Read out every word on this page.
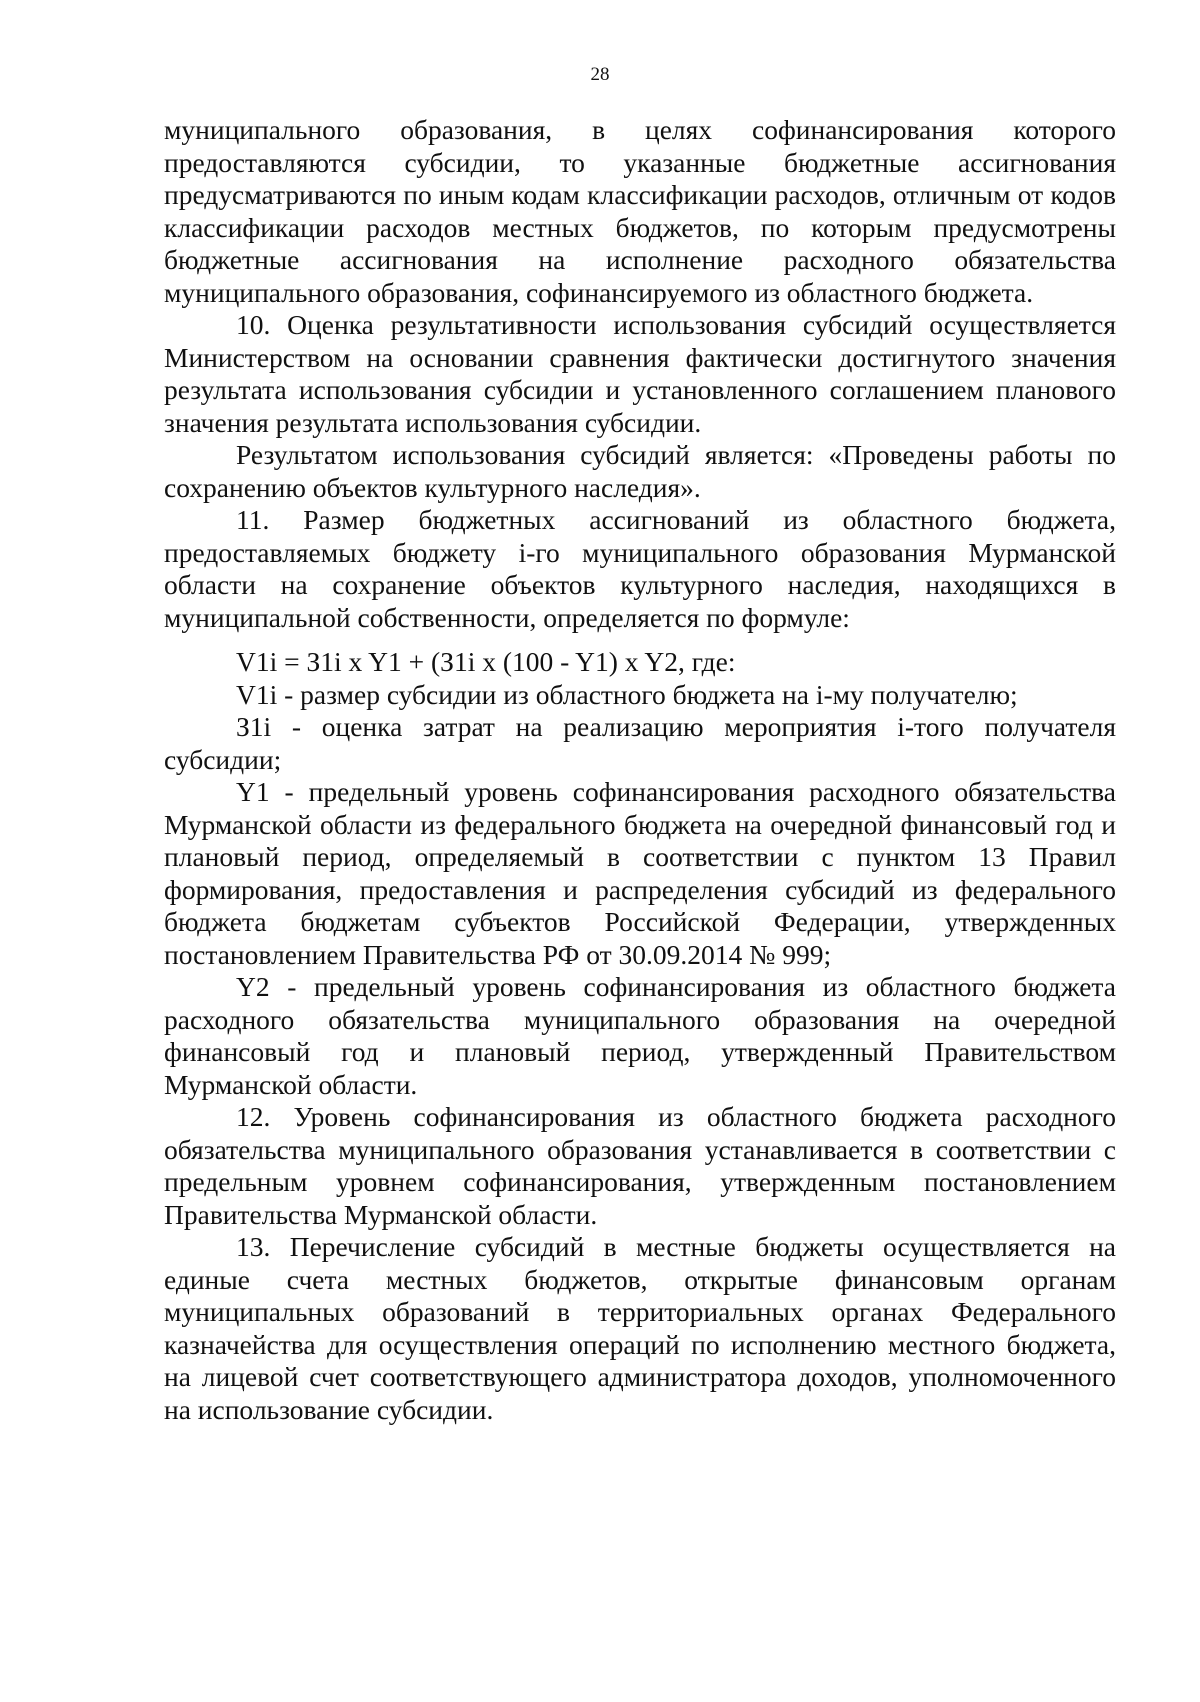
28

муниципального образования, в целях софинансирования которого предоставляются субсидии, то указанные бюджетные ассигнования предусматриваются по иным кодам классификации расходов, отличным от кодов классификации расходов местных бюджетов, по которым предусмотрены бюджетные ассигнования на исполнение расходного обязательства муниципального образования, софинансируемого из областного бюджета.

10. Оценка результативности использования субсидий осуществляется Министерством на основании сравнения фактически достигнутого значения результата использования субсидии и установленного соглашением планового значения результата использования субсидии.

Результатом использования субсидий является: «Проведены работы по сохранению объектов культурного наследия».

11. Размер бюджетных ассигнований из областного бюджета, предоставляемых бюджету i-го муниципального образования Мурманской области на сохранение объектов культурного наследия, находящихся в муниципальной собственности, определяется по формуле:

V1i = З1i x Y1 + (З1i x (100 - Y1) x Y2, где:

V1i - размер субсидии из областного бюджета на i-му получателю;

З1i - оценка затрат на реализацию мероприятия i-того получателя субсидии;

Y1 - предельный уровень софинансирования расходного обязательства Мурманской области из федерального бюджета на очередной финансовый год и плановый период, определяемый в соответствии с пунктом 13 Правил формирования, предоставления и распределения субсидий из федерального бюджета бюджетам субъектов Российской Федерации, утвержденных постановлением Правительства РФ от 30.09.2014 № 999;

Y2 - предельный уровень софинансирования из областного бюджета расходного обязательства муниципального образования на очередной финансовый год и плановый период, утвержденный Правительством Мурманской области.

12. Уровень софинансирования из областного бюджета расходного обязательства муниципального образования устанавливается в соответствии с предельным уровнем софинансирования, утвержденным постановлением Правительства Мурманской области.

13. Перечисление субсидий в местные бюджеты осуществляется на единые счета местных бюджетов, открытые финансовым органам муниципальных образований в территориальных органах Федерального казначейства для осуществления операций по исполнению местного бюджета, на лицевой счет соответствующего администратора доходов, уполномоченного на использование субсидии.
